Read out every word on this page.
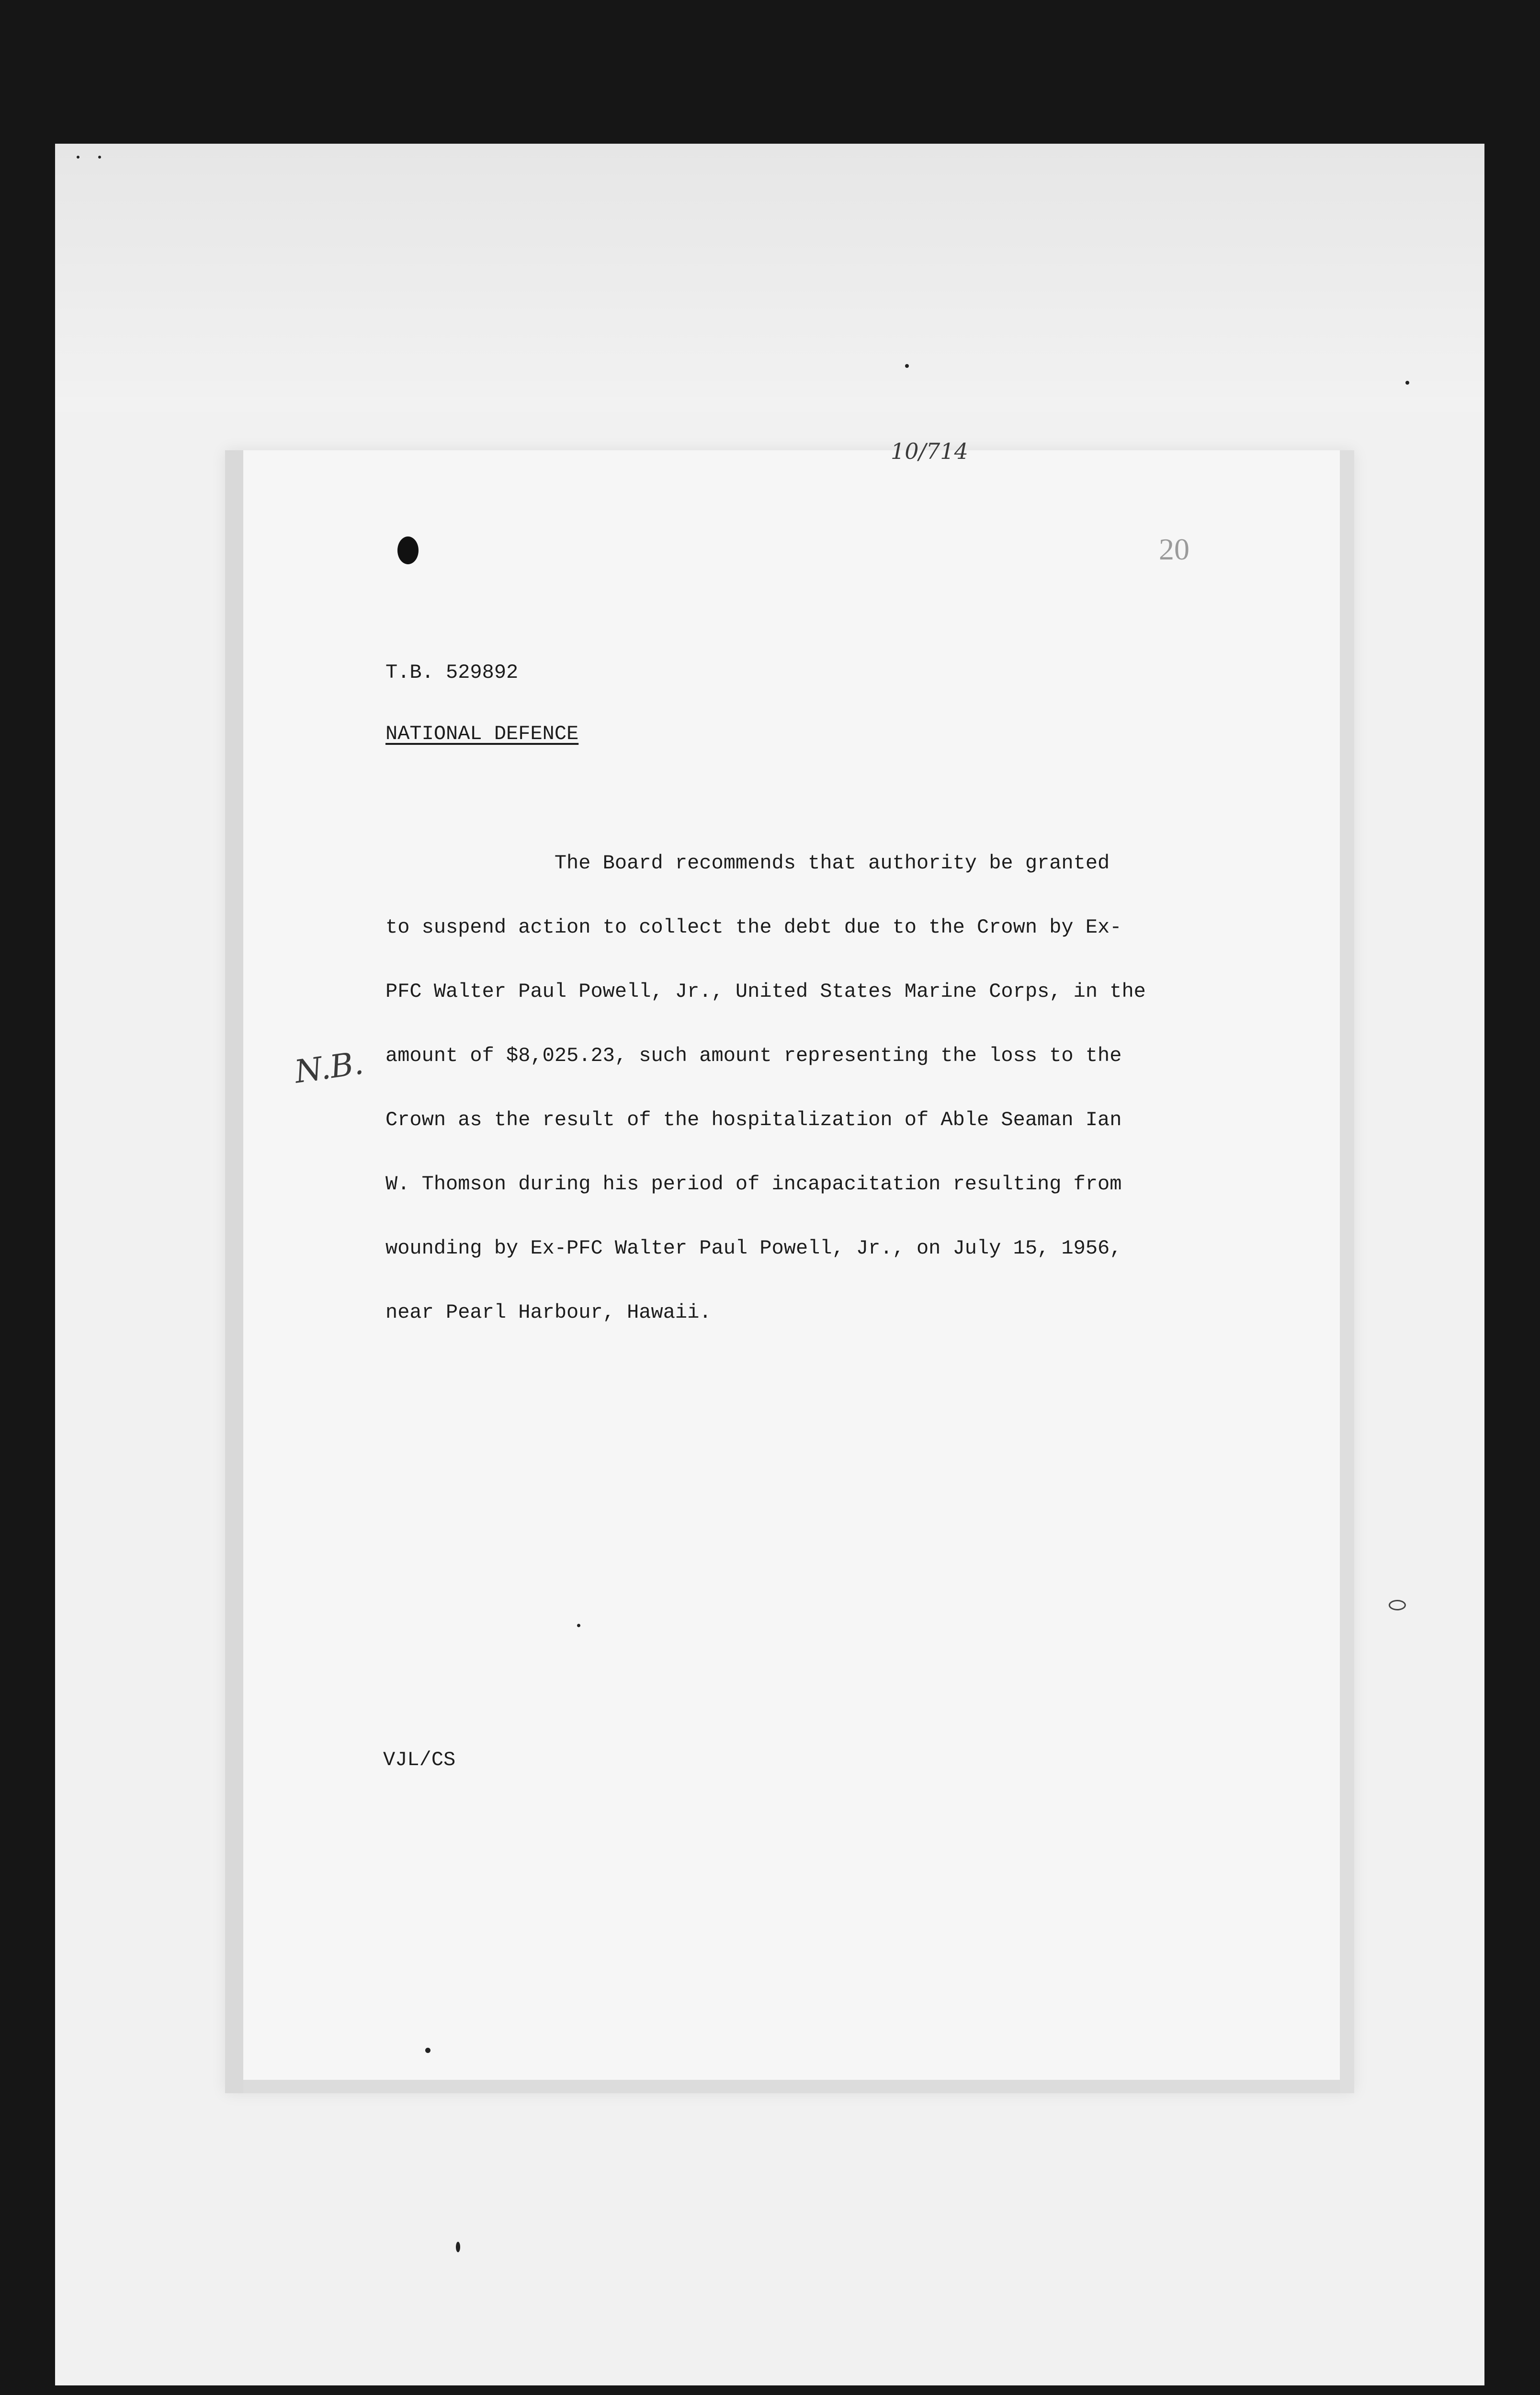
10/714
20
T.B. 529892
NATIONAL DEFENCE
The Board recommends that authority be granted
to suspend action to collect the debt due to the Crown by Ex-
PFC Walter Paul Powell, Jr., United States Marine Corps, in the
amount of $8,025.23, such amount representing the loss to the
Crown as the result of the hospitalization of Able Seaman Ian
W. Thomson during his period of incapacitation resulting from
wounding by Ex-PFC Walter Paul Powell, Jr., on July 15, 1956,
near Pearl Harbour, Hawaii.
N.B.
VJL/CS
